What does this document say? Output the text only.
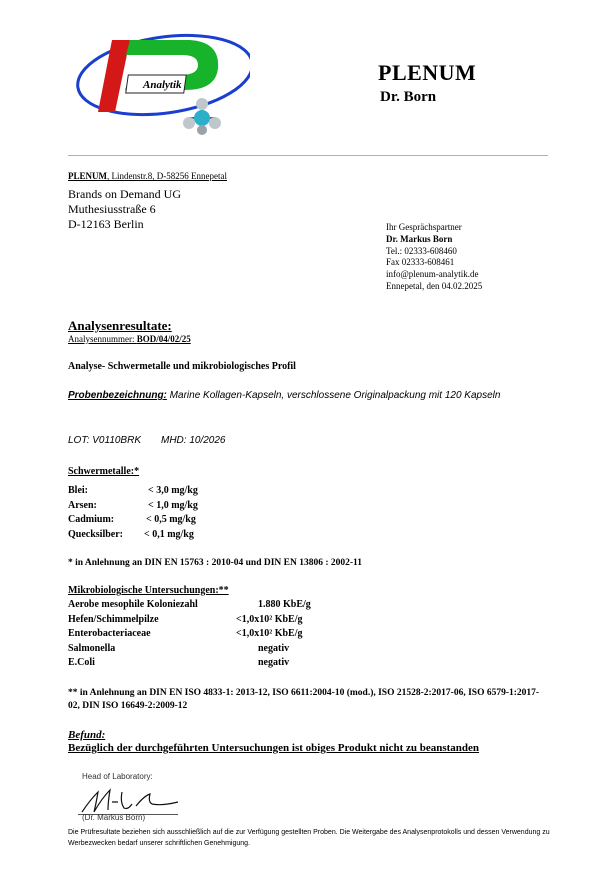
Analytik	PLENUM
Dr. Born
PLENUM, Lindenstr.8, D-58256 Ennepetal
Brands on Demand UG
Muthesiusstraße 6
D-12163 Berlin	Ihr Gesprächspartner
Dr. Markus Born
Tel.: 02333-608460
Fax 02333-608461
info@plenum-analytik.de
Ennepetal, den 04.02.2025
Analysenresultate:
Analysennummer: BOD/04/02/25
Analyse- Schwermetalle und mikrobiologisches Profil
Probenbezeichnung: Marine Kollagen-Kapseln, verschlossene Originalpackung mit 120 Kapseln
LOT: V0110BRK MHD: 10/2026
Schwermetalle:*
Blei:	< 3,0 mg/kg
Arsen:	< 1,0 mg/kg
Cadmium:	< 0,5 mg/kg
Quecksilber: < 0,1 mg/kg
* in Anlehnung an DIN EN 15763 : 2010-04 und DIN EN 13806 : 2002-11
Mikrobiologische Untersuchungen:**
Aerobe mesophile Koloniezahl	1.880 KbE/g
Hefen/Schimmelpilze	<1,0x10² KbE/g
Enterobacteriaceae	<1,0x10² KbE/g
Salmonella	negativ
E.Coli	negativ
** in Anlehnung an DIN EN ISO 4833-1: 2013-12, ISO 6611:2004-10 (mod.), ISO 21528-2:2017-06, ISO 6579-1:2017-02, DIN ISO 16649-2:2009-12
Befund:
Bezüglich der durchgeführten Untersuchungen ist obiges Produkt nicht zu beanstanden
Head of Laboratory:
(Dr. Markus Born)
Die Prüfresultate beziehen sich ausschließlich auf die zur Verfügung gestellten Proben. Die Weitergabe des Analysenprotokolls und dessen Verwendung zu Werbezwecken bedarf unserer schriftlichen Genehmigung.
